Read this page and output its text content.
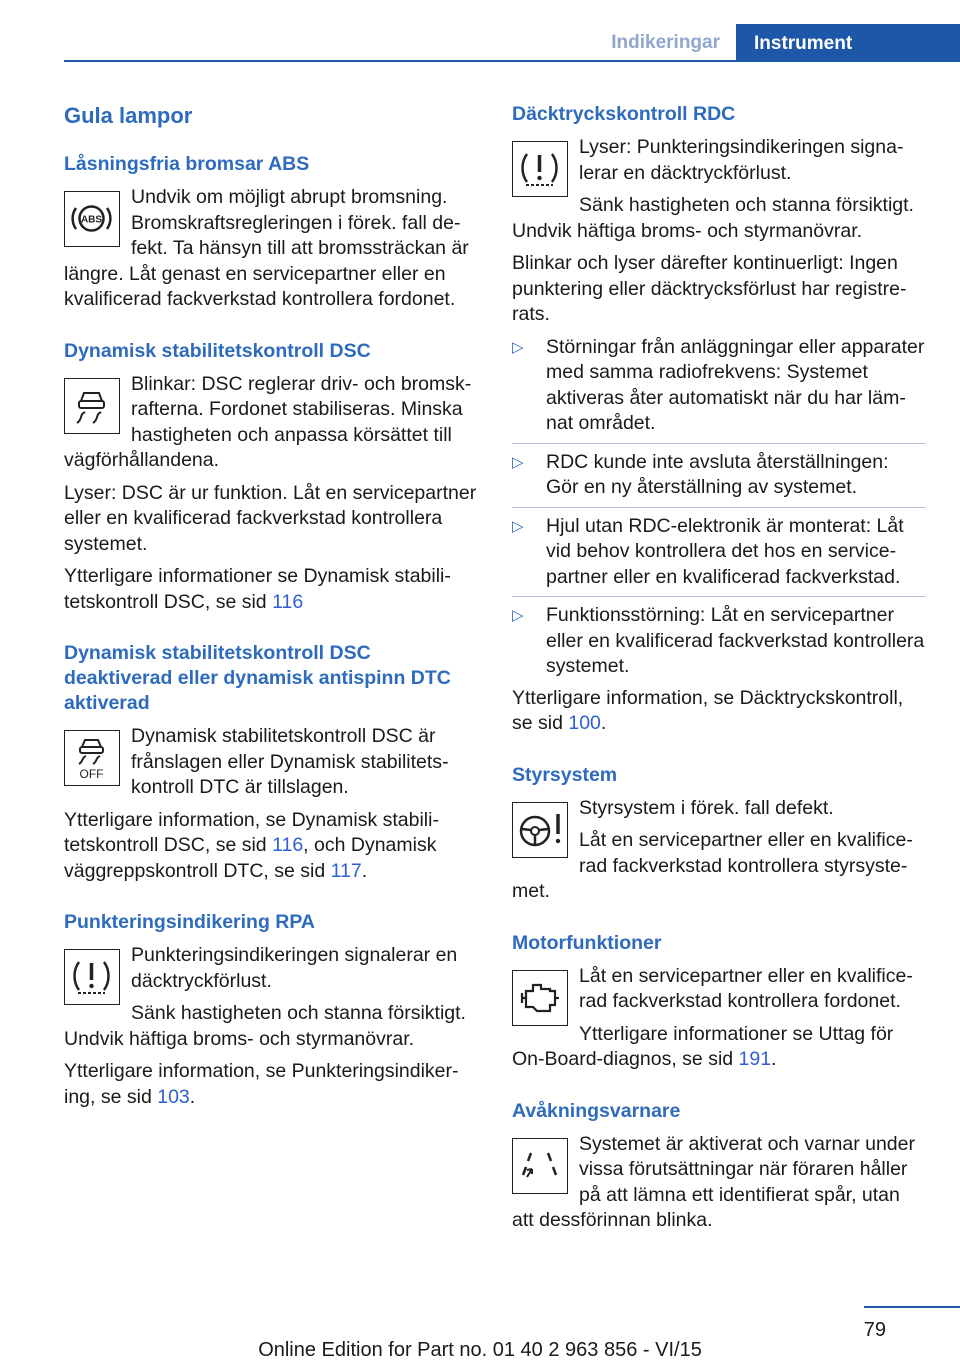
Indikeringar	Instrument
Gula lampor
Låsningsfria bromsar ABS
ABS

Undvik om möjligt abrupt bromsning. Bromskraftsregleringen i förek. fall defekt. Ta hänsyn till att bromssträckan är längre. Låt genast en servicepartner eller en kvalificerad fackverkstad kontrollera fordonet.

Dynamisk stabilitetskontroll DSC

Blinkar: DSC reglerar driv- och bromskrafterna. Fordonet stabiliseras. Minska hastigheten och anpassa körsättet till vägförhållandena.

Lyser: DSC är ur funktion. Låt en servicepartner eller en kvalificerad fackverkstad kontrollera systemet.

Ytterligare informationer se Dynamisk stabilitetskontroll DSC, se sid 116

Dynamisk stabilitetskontroll DSC deaktiverad eller dynamisk antispinn DTC aktiverad
OFF

Dynamisk stabilitetskontroll DSC är frånslagen eller Dynamisk stabilitetskontroll DTC är tillslagen.

Ytterligare information, se Dynamisk stabilitetskontroll DSC, se sid 116, och Dynamisk väggreppskontroll DTC, se sid 117.

Punkteringsindikering RPA

Punkteringsindikeringen signalerar en däcktryckförlust.

Sänk hastigheten och stanna försiktigt. Undvik häftiga broms- och styrmanövrar.

Ytterligare information, se Punkteringsindikering, se sid 103.

Däcktryckskontroll RDC

Lyser: Punkteringsindikeringen signalerar en däcktryckförlust.

Sänk hastigheten och stanna försiktigt. Undvik häftiga broms- och styrmanövrar.

Blinkar och lyser därefter kontinuerligt: Ingen punktering eller däcktrycksförlust har registrerats.

▷ Störningar från anläggningar eller apparater med samma radiofrekvens: Systemet aktiveras åter automatiskt när du har lämnat området.
▷ RDC kunde inte avsluta återställningen: Gör en ny återställning av systemet.
▷ Hjul utan RDC-elektronik är monterat: Låt vid behov kontrollera det hos en servicepartner eller en kvalificerad fackverkstad.
▷ Funktionsstörning: Låt en servicepartner eller en kvalificerad fackverkstad kontrollera systemet.

Ytterligare information, se Däcktryckskontroll, se sid 100.

Styrsystem

Styrsystem i förek. fall defekt.

Låt en servicepartner eller en kvalificerad fackverkstad kontrollera styrsystemet.

Motorfunktioner

Låt en servicepartner eller en kvalificerad fackverkstad kontrollera fordonet.

Ytterligare informationer se Uttag för On-Board-diagnos, se sid 191.

Avåkningsvarnare

Systemet är aktiverat och varnar under vissa förutsättningar när föraren håller på att lämna ett identifierat spår, utan att dessförinnan blinka.

79
Online Edition for Part no. 01 40 2 963 856 - VI/15
